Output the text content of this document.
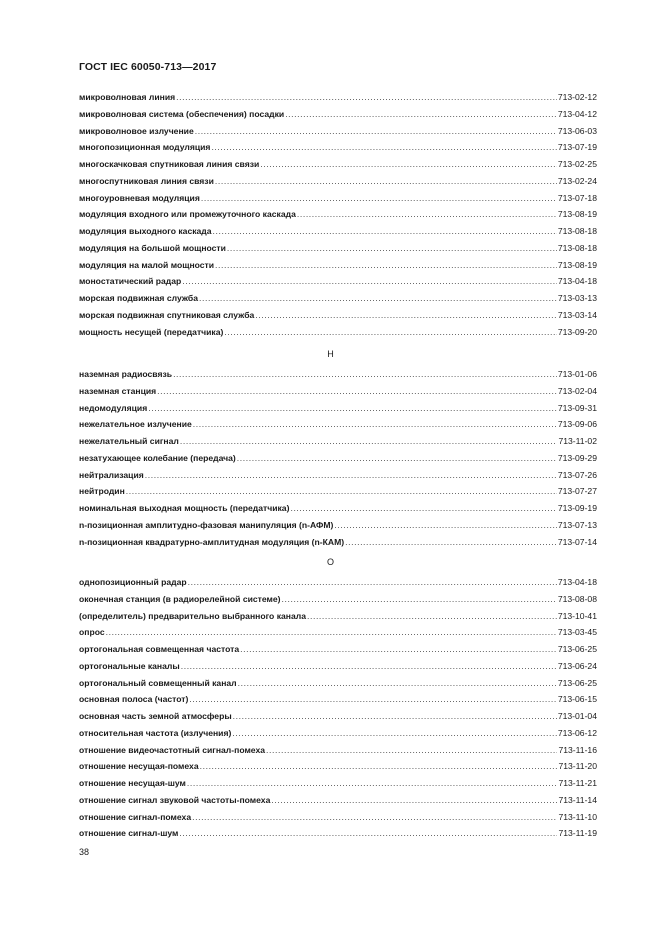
ГОСТ IEC 60050-713—2017
микроволновая линия .....	713-02-12
микроволновая система (обеспечения) посадки .....	713-04-12
микроволновое излучение .....	713-06-03
многопозиционная модуляция .....	713-07-19
многоскачковая спутниковая линия связи .....	713-02-25
многоспутниковая линия связи .....	713-02-24
многоуровневая модуляция .....	713-07-18
модуляция входного или промежуточного каскада .....	713-08-19
модуляция выходного каскада .....	713-08-18
модуляция на большой мощности .....	713-08-18
модуляция на малой мощности .....	713-08-19
моностатический радар .....	713-04-18
морская подвижная служба .....	713-03-13
морская подвижная спутниковая служба .....	713-03-14
мощность несущей (передатчика) .....	713-09-20
Н
наземная радиосвязь .....	713-01-06
наземная станция .....	713-02-04
недомодуляция .....	713-09-31
нежелательное излучение .....	713-09-06
нежелательный сигнал .....	713-11-02
незатухающее колебание (передача) .....	713-09-29
нейтрализация .....	713-07-26
нейтродин .....	713-07-27
номинальная выходная мощность (передатчика) .....	713-09-19
n-позиционная амплитудно-фазовая манипуляция (n-АФМ) .....	713-07-13
n-позиционная квадратурно-амплитудная модуляция (n-КАМ) .....	713-07-14
О
однопозиционный радар .....	713-04-18
оконечная станция (в радиорелейной системе) .....	713-08-08
(определитель) предварительно выбранного канала .....	713-10-41
опрос .....	713-03-45
ортогональная совмещенная частота .....	713-06-25
ортогональные каналы .....	713-06-24
ортогональный совмещенный канал .....	713-06-25
основная полоса (частот) .....	713-06-15
основная часть земной атмосферы .....	713-01-04
относительная частота (излучения) .....	713-06-12
отношение видеочастотный сигнал-помеха .....	713-11-16
отношение несущая-помеха .....	713-11-20
отношение несущая-шум .....	713-11-21
отношение сигнал звуковой частоты-помеха .....	713-11-14
отношение сигнал-помеха .....	713-11-10
отношение сигнал-шум .....	713-11-19
38
